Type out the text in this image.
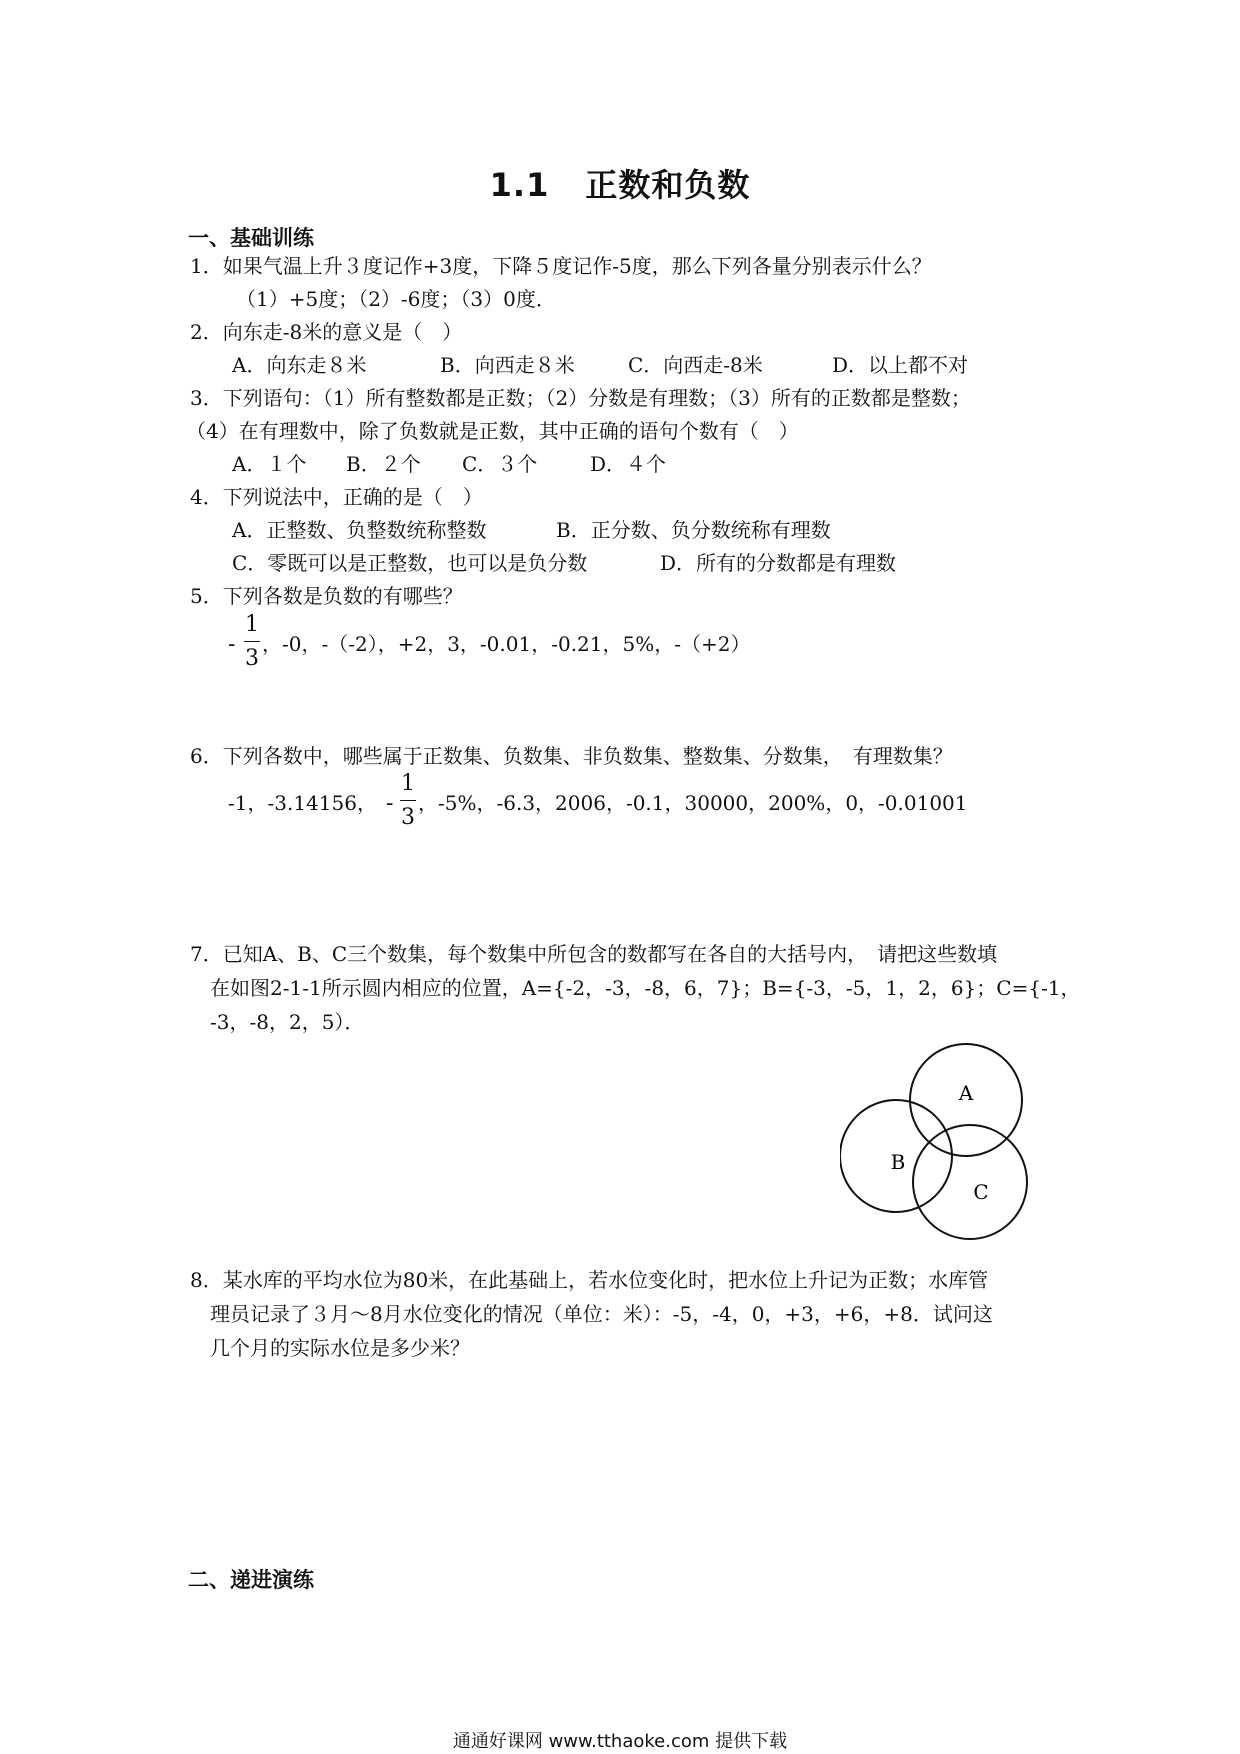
1.1 正数和负数
一、基础训练
1．如果气温上升３度记作+3度，下降５度记作-5度，那么下列各量分别表示什么？
（1）+5度；（2）-6度；（3）0度．
2．向东走-8米的意义是（　）
A．向东走８米	B．向西走８米	C．向西走-8米	D．以上都不对
3．下列语句：（1）所有整数都是正数；（2）分数是有理数；（3）所有的正数都是整数；
（4）在有理数中，除了负数就是正数，其中正确的语句个数有（　）
A．１个 B．２个 C．３个	D．４个
4．下列说法中，正确的是（　）
A．正整数、负整数统称整数	B．正分数、负分数统称有理数
C．零既可以是正整数，也可以是负分数	D．所有的分数都是有理数
5．下列各数是负数的有哪些？
-
1
3
，-0，-（-2），+2，3，-0.01，-0.21，5%，-（+2）
6．下列各数中，哪些属于正数集、负数集、非负数集、整数集、分数集，　有理数集？
-1，-3.14156， -
1
3
，-5%，-6.3，2006，-0.1，30000，200%，0，-0.01001
7．已知A、B、C三个数集，每个数集中所包含的数都写在各自的大括号内，　请把这些数填
在如图2-1-1所示圆内相应的位置，A={-2，-3，-8，6，7}；B={-3，-5，1，2，6}；C={-1，
-3，-8，2，5）．
A
B
C
8．某水库的平均水位为80米，在此基础上，若水位变化时，把水位上升记为正数；水库管
理员记录了３月～8月水位变化的情况（单位：米）：-5，-4，0，+3，+6，+8．试问这
几个月的实际水位是多少米？
二、递进演练
通通好课网 www.tthaoke.com 提供下载
